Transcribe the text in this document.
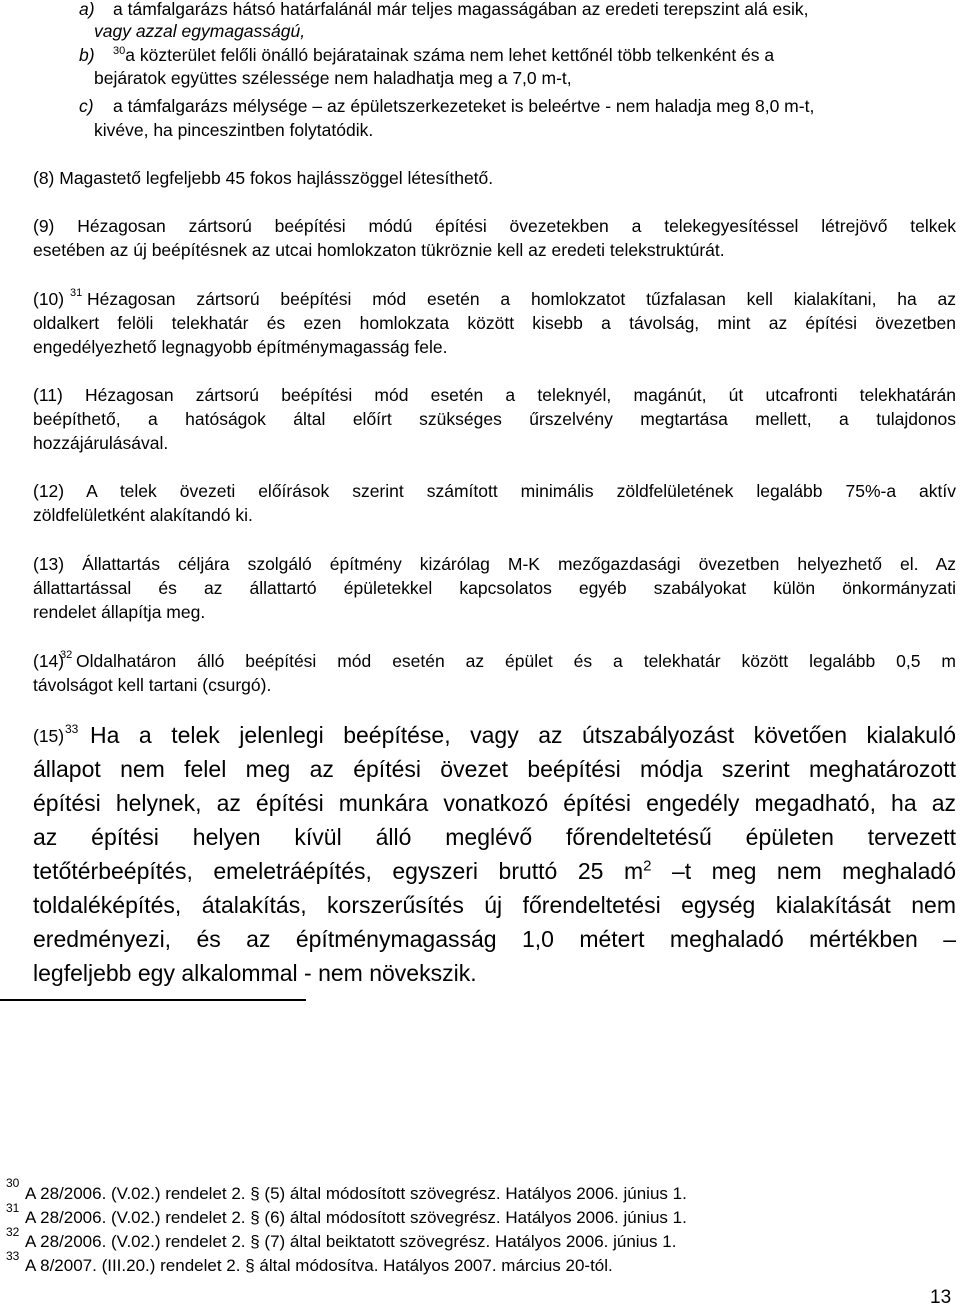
a) a támfalgarázs hátsó határfalánál már teljes magasságában az eredeti terepszint alá esik,
vagy azzal egymagasságú,
b) $^{30}$a közterület felőli önálló bejáratainak száma nem lehet kettőnél több telkenként és a
bejáratok együttes szélessége nem haladhatja meg a 7,0 m-t,
c) a támfalgarázs mélysége – az épületszerkezeteket is beleértve - nem haladja meg 8,0 m-t,
kivéve, ha pinceszintben folytatódik.
(8) Magastető legfeljebb 45 fokos hajlásszöggel létesíthető.
(9) Hézagosan zártsorú beépítési módú építési övezetekben a telekegyesítéssel létrejövő telkek
esetében az új beépítésnek az utcai homlokzaton tükröznie kell az eredeti telekstruktúrát.
(10) 31 Hézagosan zártsorú beépítési mód esetén a homlokzatot tűzfalasan kell kialakítani, ha az
oldalkert felöli telekhatár és ezen homlokzata között kisebb a távolság, mint az építési övezetben
engedélyezhető legnagyobb építménymagasság fele.
(11) Hézagosan zártsorú beépítési mód esetén a teleknyél, magánút, út utcafronti telekhatárán
beépíthető, a hatóságok által előírt szükséges űrszelvény megtartása mellett, a tulajdonos
hozzájárulásával.
(12) A telek övezeti előírások szerint számított minimális zöldfelületének legalább 75%-a aktív
zöldfelületként alakítandó ki.
(13) Állattartás céljára szolgáló építmény kizárólag M-K mezőgazdasági övezetben helyezhető el. Az
állattartással és az állattartó épületekkel kapcsolatos egyéb szabályokat külön önkormányzati
rendelet állapítja meg.
(14)
32 Oldalhatáron álló beépítési mód esetén az épület és a telekhatár között legalább 0,5 m
távolságot kell tartani (csurgó).
(15) 33 Ha a telek jelenlegi beépítése, vagy az útszabályozást követően kialakuló
állapot nem felel meg az építési övezet beépítési módja szerint meghatározott
építési helynek, az építési munkára vonatkozó építési engedély megadható, ha az
az építési helyen kívül álló meglévő főrendeltetésű épületen tervezett
tetőtérbeépítés, emeletráépítés, egyszeri bruttó 25 $m^2$ –t meg nem meghaladó
toldaléképítés, átalakítás, korszerűsítés új főrendeltetési egység kialakítását nem
eredményezi, és az építménymagasság 1,0 métert meghaladó mértékben –
legfeljebb egy alkalommal - nem növekszik.
30
A 28/2006. (V.02.) rendelet 2. § (5) által módosított szövegrész. Hatályos 2006. június 1.
31 A 28/2006. (V.02.) rendelet 2. § (6) által módosított szövegrész. Hatályos 2006. június 1.
32 A 28/2006. (V.02.) rendelet 2. § (7) által beiktatott szövegrész. Hatályos 2006. június 1.
33 A 8/2007. (III.20.) rendelet 2. § által módosítva. Hatályos 2007. március 20-tól.
13
